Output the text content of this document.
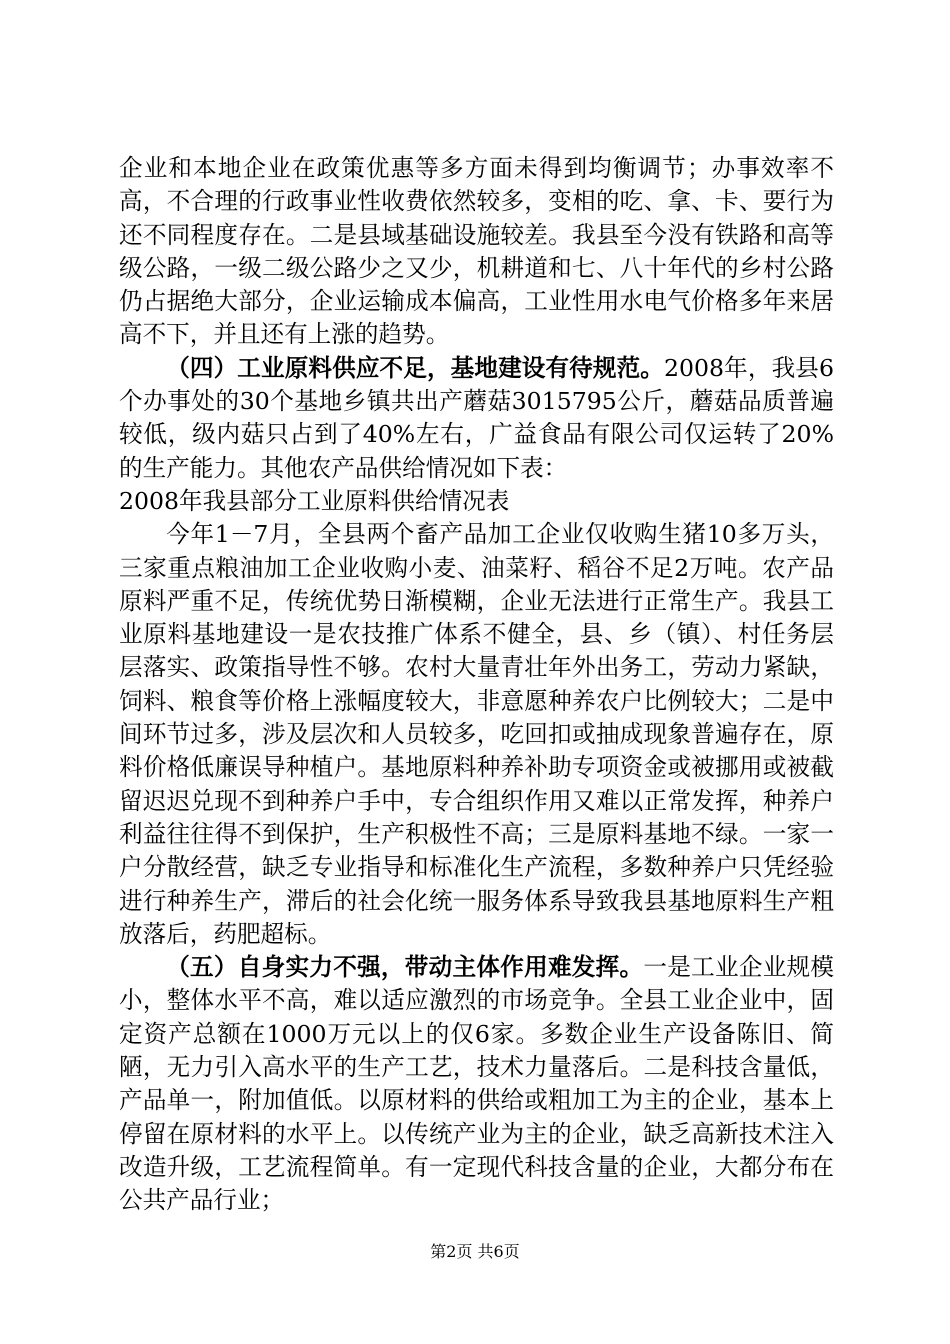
企业和本地企业在政策优惠等多方面未得到均衡调节；办事效率不高，不合理的行政事业性收费依然较多，变相的吃、拿、卡、要行为还不同程度存在。二是县域基础设施较差。我县至今没有铁路和高等级公路，一级二级公路少之又少，机耕道和七、八十年代的乡村公路仍占据绝大部分，企业运输成本偏高，工业性用水电气价格多年来居高不下，并且还有上涨的趋势。

（四）工业原料供应不足，基地建设有待规范。2008年，我县6个办事处的30个基地乡镇共出产蘑菇3015795公斤，蘑菇品质普遍较低，级内菇只占到了40%左右，广益食品有限公司仅运转了20%的生产能力。其他农产品供给情况如下表：

2008年我县部分工业原料供给情况表

今年1－7月，全县两个畜产品加工企业仅收购生猪10多万头，三家重点粮油加工企业收购小麦、油菜籽、稻谷不足2万吨。农产品原料严重不足，传统优势日渐模糊，企业无法进行正常生产。我县工业原料基地建设一是农技推广体系不健全，县、乡（镇）、村任务层层落实、政策指导性不够。农村大量青壮年外出务工，劳动力紧缺，饲料、粮食等价格上涨幅度较大，非意愿种养农户比例较大；二是中间环节过多，涉及层次和人员较多，吃回扣或抽成现象普遍存在，原料价格低廉误导种植户。基地原料种养补助专项资金或被挪用或被截留迟迟兑现不到种养户手中，专合组织作用又难以正常发挥，种养户利益往往得不到保护，生产积极性不高；三是原料基地不绿。一家一户分散经营，缺乏专业指导和标准化生产流程，多数种养户只凭经验进行种养生产，滞后的社会化统一服务体系导致我县基地原料生产粗放落后，药肥超标。

（五）自身实力不强，带动主体作用难发挥。一是工业企业规模小，整体水平不高，难以适应激烈的市场竞争。全县工业企业中，固定资产总额在1000万元以上的仅6家。多数企业生产设备陈旧、简陋，无力引入高水平的生产工艺，技术力量落后。二是科技含量低，产品单一，附加值低。以原材料的供给或粗加工为主的企业，基本上停留在原材料的水平上。以传统产业为主的企业，缺乏高新技术注入改造升级，工艺流程简单。有一定现代科技含量的企业，大都分布在公共产品行业；

第2页 共6页
